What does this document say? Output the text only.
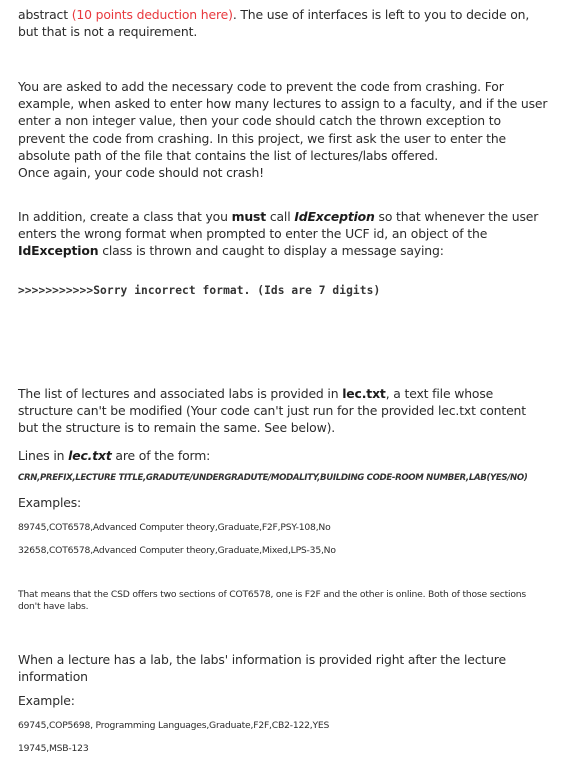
abstract (10 points deduction here). The use of interfaces is left to you to decide on, but that is not a requirement.

You are asked to add the necessary code to prevent the code from crashing. For example, when asked to enter how many lectures to assign to a faculty, and if the user enter a non integer value, then your code should catch the thrown exception to prevent the code from crashing. In this project, we first ask the user to enter the absolute path of the file that contains the list of lectures/labs offered.

Once again, your code should not crash!

In addition, create a class that you must call IdException so that whenever the user enters the wrong format when prompted to enter the UCF id, an object of the IdException class is thrown and caught to display a message saying:

>>>>>>>>>>>Sorry incorrect format. (Ids are 7 digits)

The list of lectures and associated labs is provided in lec.txt, a text file whose structure can't be modified (Your code can't just run for the provided lec.txt content but the structure is to remain the same. See below).

Lines in lec.txt are of the form:

CRN,PREFIX,LECTURE TITLE,GRADUTE/UNDERGRADUTE/MODALITY,BUILDING CODE-ROOM NUMBER,LAB(YES/NO)

Examples:

89745,COT6578,Advanced Computer theory,Graduate,F2F,PSY-108,No

32658,COT6578,Advanced Computer theory,Graduate,Mixed,LPS-35,No

That means that the CSD offers two sections of COT6578, one is F2F and the other is online. Both of those sections don't have labs.

When a lecture has a lab, the labs' information is provided right after the lecture information

Example:

69745,COP5698, Programming Languages,Graduate,F2F,CB2-122,YES

19745,MSB-123
